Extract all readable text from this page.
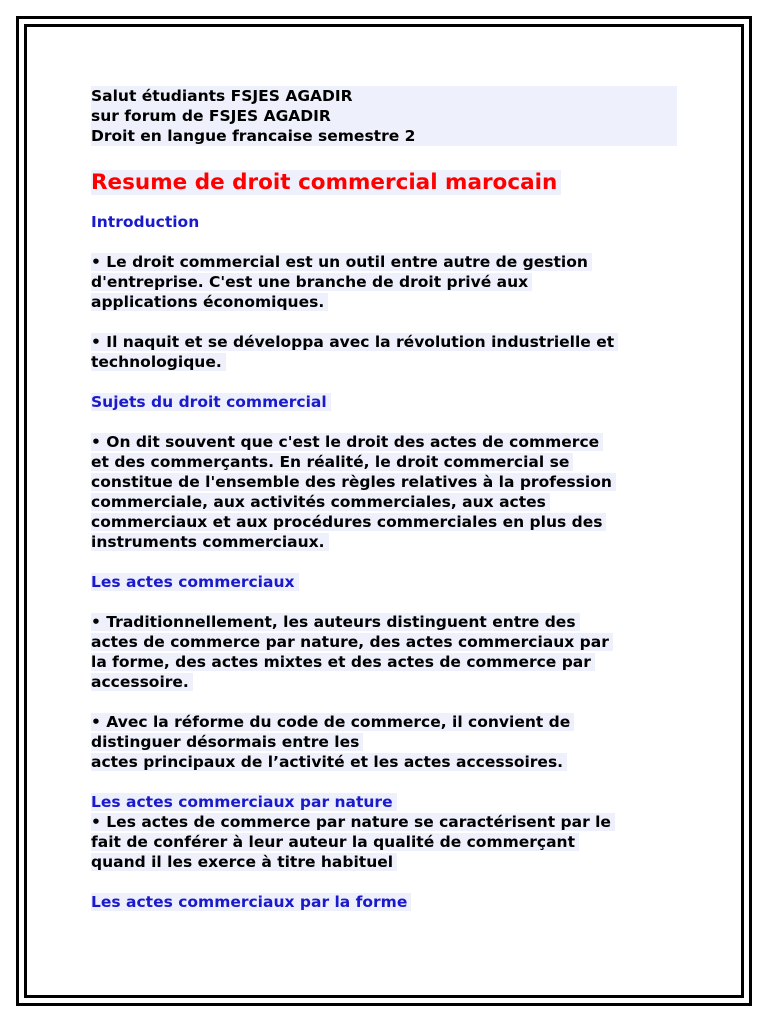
Salut étudiants FSJES AGADIR
sur forum de FSJES AGADIR
Droit en langue francaise semestre 2
Resume de droit commercial marocain
Introduction
• Le droit commercial est un outil entre autre de gestion
d'entreprise. C'est une branche de droit privé aux
applications économiques.
• Il naquit et se développa avec la révolution industrielle et
technologique.
Sujets du droit commercial
• On dit souvent que c'est le droit des actes de commerce
et des commerçants. En réalité, le droit commercial se
constitue de l'ensemble des règles relatives à la profession
commerciale, aux activités commerciales, aux actes
commerciaux et aux procédures commerciales en plus des
instruments commerciaux.
Les actes commerciaux
• Traditionnellement, les auteurs distinguent entre des
actes de commerce par nature, des actes commerciaux par
la forme, des actes mixtes et des actes de commerce par
accessoire.
• Avec la réforme du code de commerce, il convient de
distinguer désormais entre les
actes principaux de l’activité et les actes accessoires.
Les actes commerciaux par nature
• Les actes de commerce par nature se caractérisent par le
fait de conférer à leur auteur la qualité de commerçant
quand il les exerce à titre habituel
Les actes commerciaux par la forme
